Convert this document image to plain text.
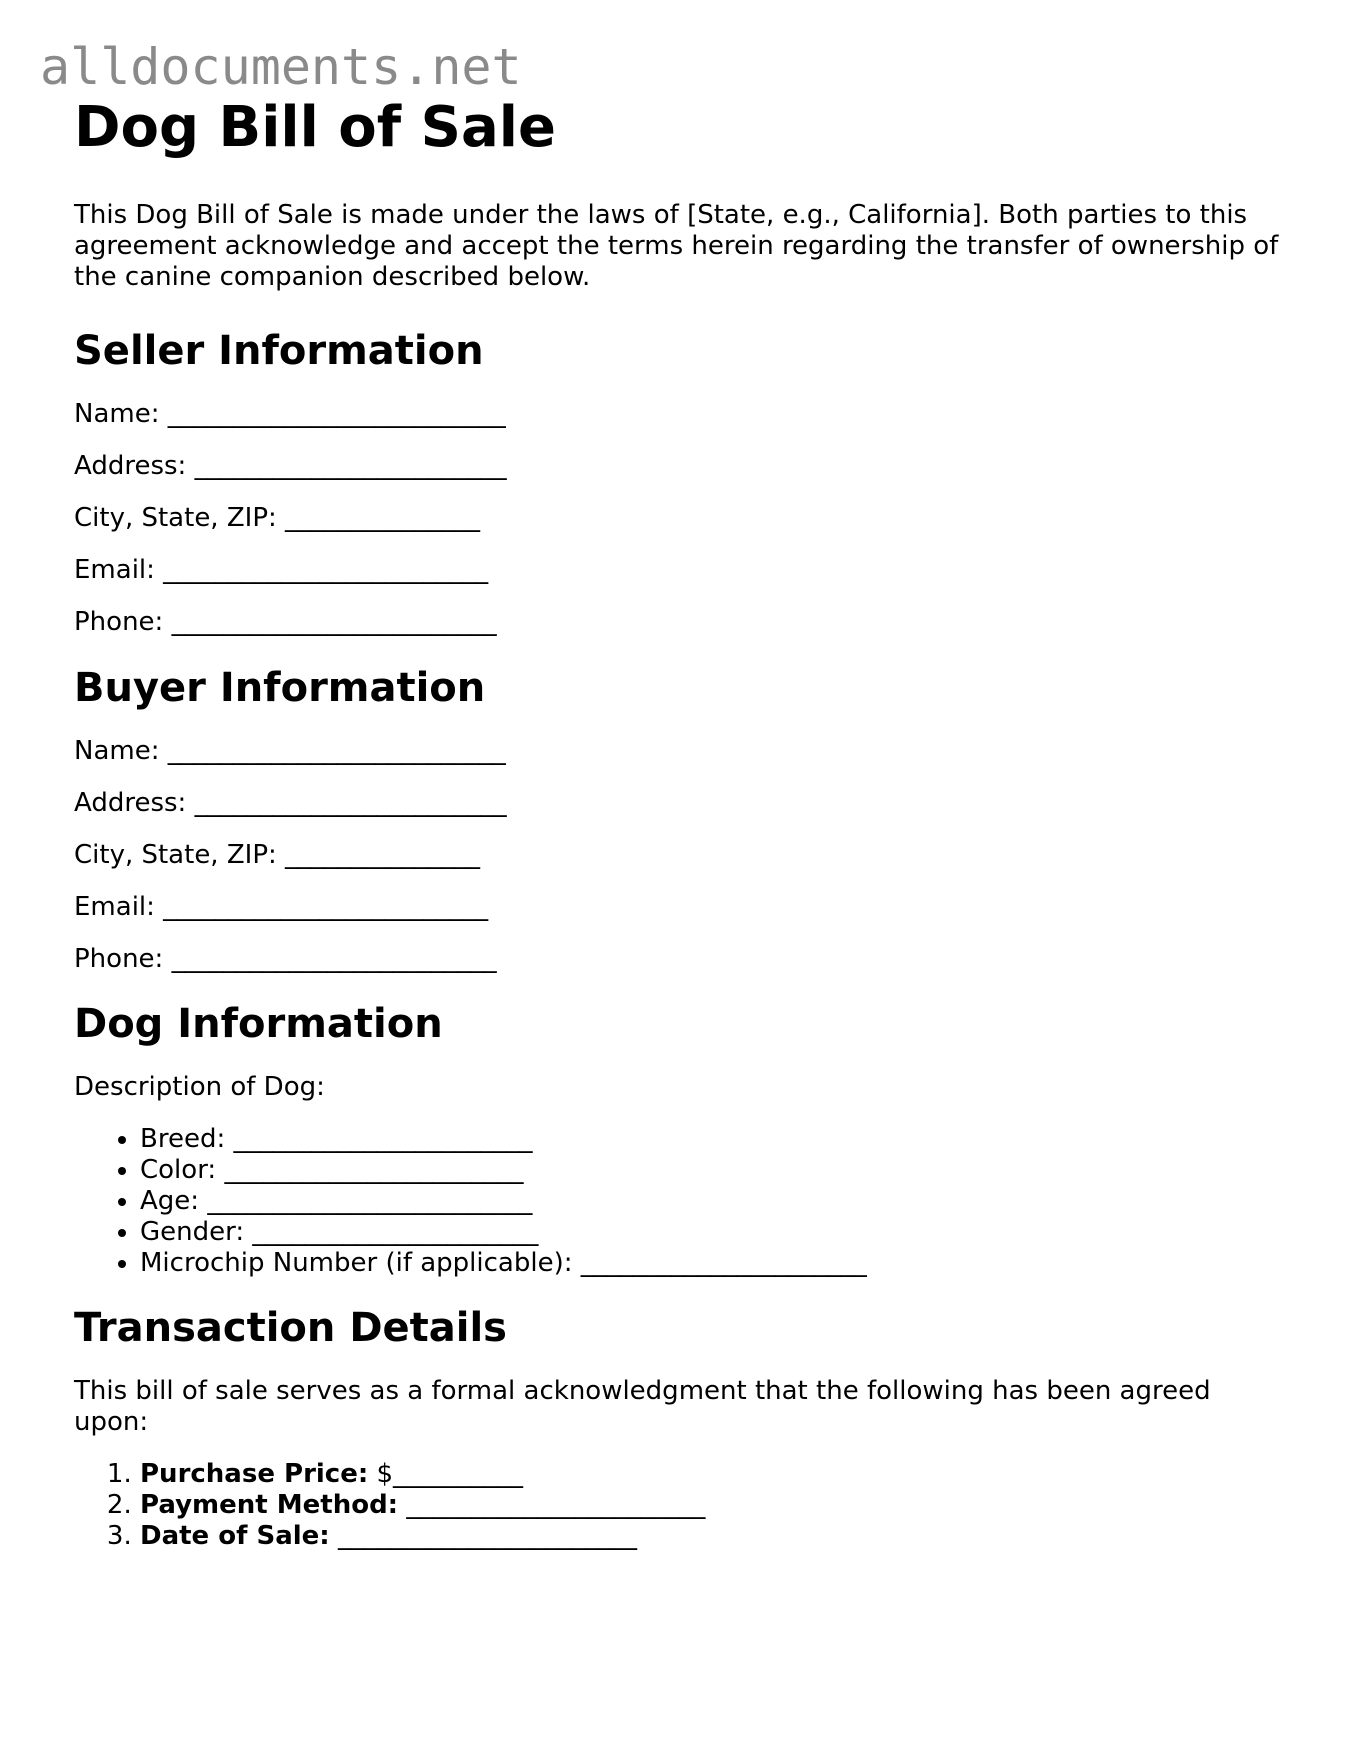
alldocuments.net
Dog Bill of Sale

This Dog Bill of Sale is made under the laws of [State, e.g., California]. Both parties to this agreement acknowledge and accept the terms herein regarding the transfer of ownership of the canine companion described below.

Seller Information

Name: __________________________

Address: ________________________

City, State, ZIP: _______________

Email: _________________________

Phone: _________________________

Buyer Information

Name: __________________________

Address: ________________________

City, State, ZIP: _______________

Email: _________________________

Phone: _________________________

Dog Information

Description of Dog:

• Breed: _______________________
• Color: _______________________
• Age: _________________________
• Gender: ______________________
• Microchip Number (if applicable): ______________________
Transaction Details

This bill of sale serves as a formal acknowledgment that the following has been agreed upon:

1. Purchase Price: $__________
2. Payment Method: _______________________
3. Date of Sale: _______________________
